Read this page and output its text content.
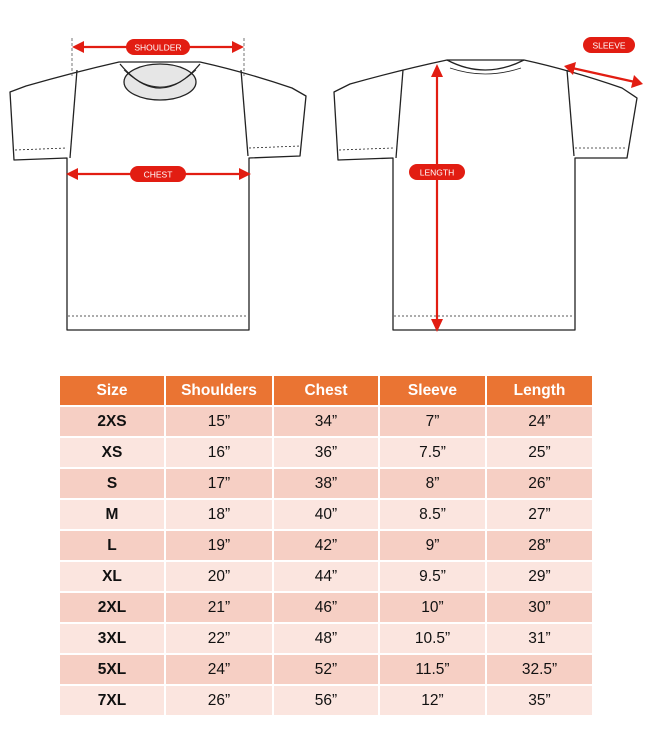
SHOULDER
CHEST	LENGTH
SLEEVE
Size	Shoulders	Chest	Sleeve	Length
2XS	15”	34”	7”	24”
XS	16”	36”	7.5”	25”
S	17”	38”	8”	26”
M	18”	40”	8.5”	27”
L	19”	42”	9”	28”
XL	20”	44”	9.5”	29”
2XL	21”	46”	10”	30”
3XL	22”	48”	10.5”	31”
5XL	24”	52”	11.5”	32.5”
7XL	26”	56”	12”	35”
